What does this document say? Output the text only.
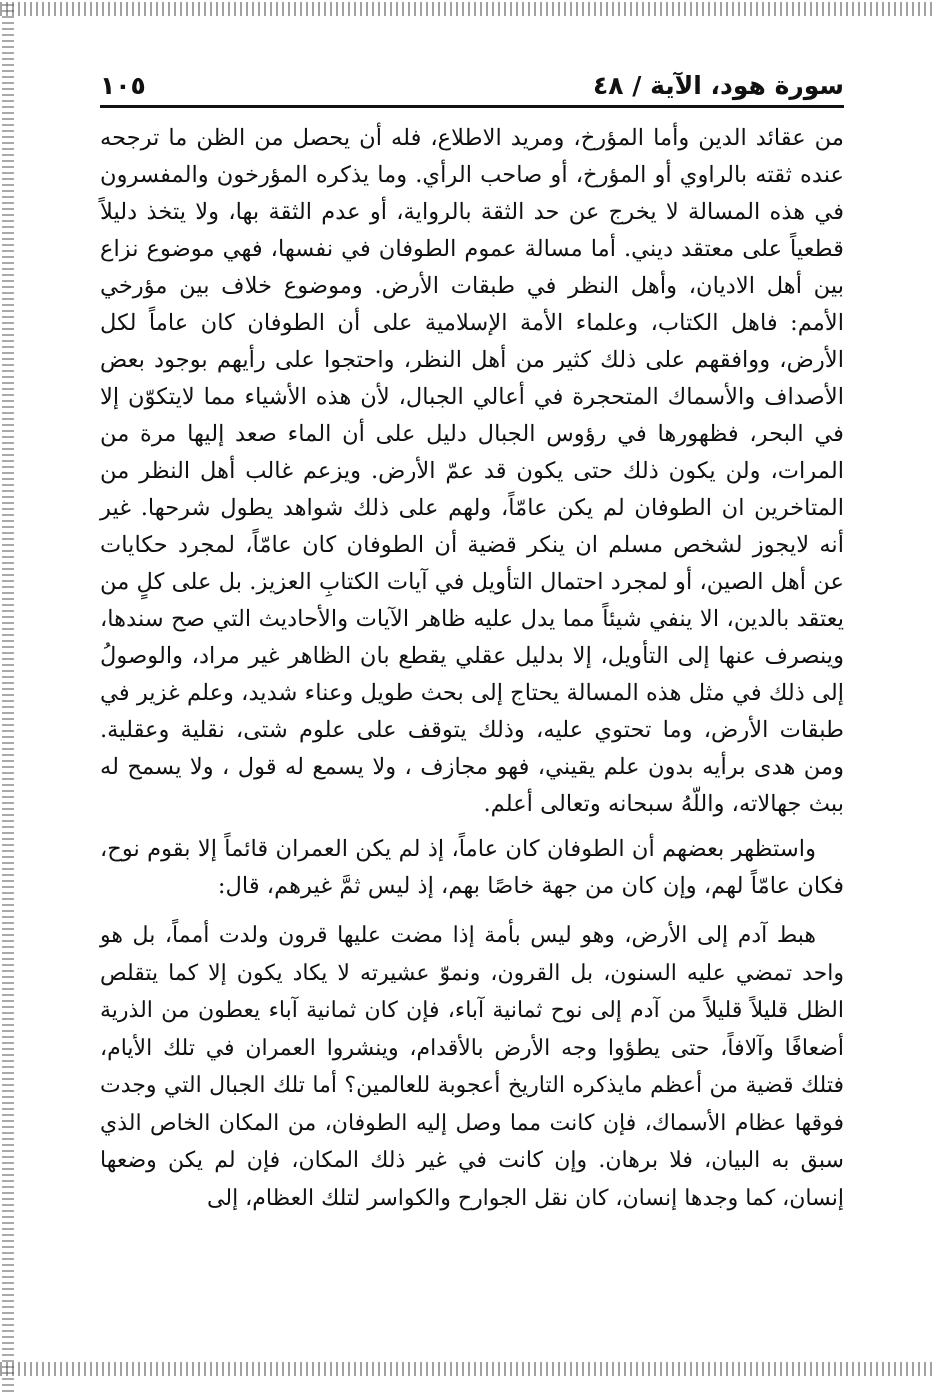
سورة هود، الآية / ٤٨
١٠٥

من عقائد الدين وأما المؤرخ، ومريد الاطلاع، فله أن يحصل من الظن ما ترجحه عنده ثقته بالراوي أو المؤرخ، أو صاحب الرأي. وما يذكره المؤرخون والمفسرون في هذه المسالة لا يخرج عن حد الثقة بالرواية، أو عدم الثقة بها، ولا يتخذ دليلاً قطعياً على معتقد ديني. أما مسالة عموم الطوفان في نفسها، فهي موضوع نزاع بين أهل الاديان، وأهل النظر في طبقات الأرض. وموضوع خلاف بين مؤرخي الأمم: فاهل الكتاب، وعلماء الأمة الإسلامية على أن الطوفان كان عاماً لكل الأرض، ووافقهم على ذلك كثير من أهل النظر، واحتجوا على رأيهم بوجود بعض الأصداف والأسماك المتحجرة في أعالي الجبال، لأن هذه الأشياء مما لايتكوّن إلا في البحر، فظهورها في رؤوس الجبال دليل على أن الماء صعد إليها مرة من المرات، ولن يكون ذلك حتى يكون قد عمّ الأرض. ويزعم غالب أهل النظر من المتاخرين ان الطوفان لم يكن عامّاً، ولهم على ذلك شواهد يطول شرحها. غير أنه لايجوز لشخص مسلم ان ينكر قضية أن الطوفان كان عامّاً، لمجرد حكايات عن أهل الصين، أو لمجرد احتمال التأويل في آيات الكتابِ العزيز. بل على كلٍ من يعتقد بالدين، الا ينفي شيئاً مما يدل عليه ظاهر الآيات والأحاديث التي صح سندها، وينصرف عنها إلى التأويل، إلا بدليل عقلي يقطع بان الظاهر غير مراد، والوصولُ إلى ذلك في مثل هذه المسالة يحتاج إلى بحث طويل وعناء شديد، وعلم غزير في طبقات الأرض، وما تحتوي عليه، وذلك يتوقف على علوم شتى، نقلية وعقلية. ومن هدى برأيه بدون علم يقيني، فهو مجازف ، ولا يسمع له قول ، ولا يسمح له ببث جهالاته، واللّهُ سبحانه وتعالى أعلم.

واستظهر بعضهم أن الطوفان كان عاماً، إذ لم يكن العمران قائماً إلا بقوم نوح، فكان عامّاً لهم، وإن كان من جهة خاصًا بهم، إذ ليس ثمَّ غيرهم، قال:

هبط آدم إلى الأرض، وهو ليس بأمة إذا مضت عليها قرون ولدت أمماً، بل هو واحد تمضي عليه السنون، بل القرون، ونموّ عشيرته لا يكاد يكون إلا كما يتقلص الظل قليلاً قليلاً من آدم إلى نوح ثمانية آباء، فإن كان ثمانية آباء يعطون من الذرية أضعافًا وآلافاً، حتى يطؤوا وجه الأرض بالأقدام، وينشروا العمران في تلك الأيام، فتلك قضية من أعظم مايذكره التاريخ أعجوبة للعالمين؟ أما تلك الجبال التي وجدت فوقها عظام الأسماك، فإن كانت مما وصل إليه الطوفان، من المكان الخاص الذي سبق به البيان، فلا برهان. وإن كانت في غير ذلك المكان، فإن لم يكن وضعها إنسان، كما وجدها إنسان، كان نقل الجوارح والكواسر لتلك العظام، إلى
